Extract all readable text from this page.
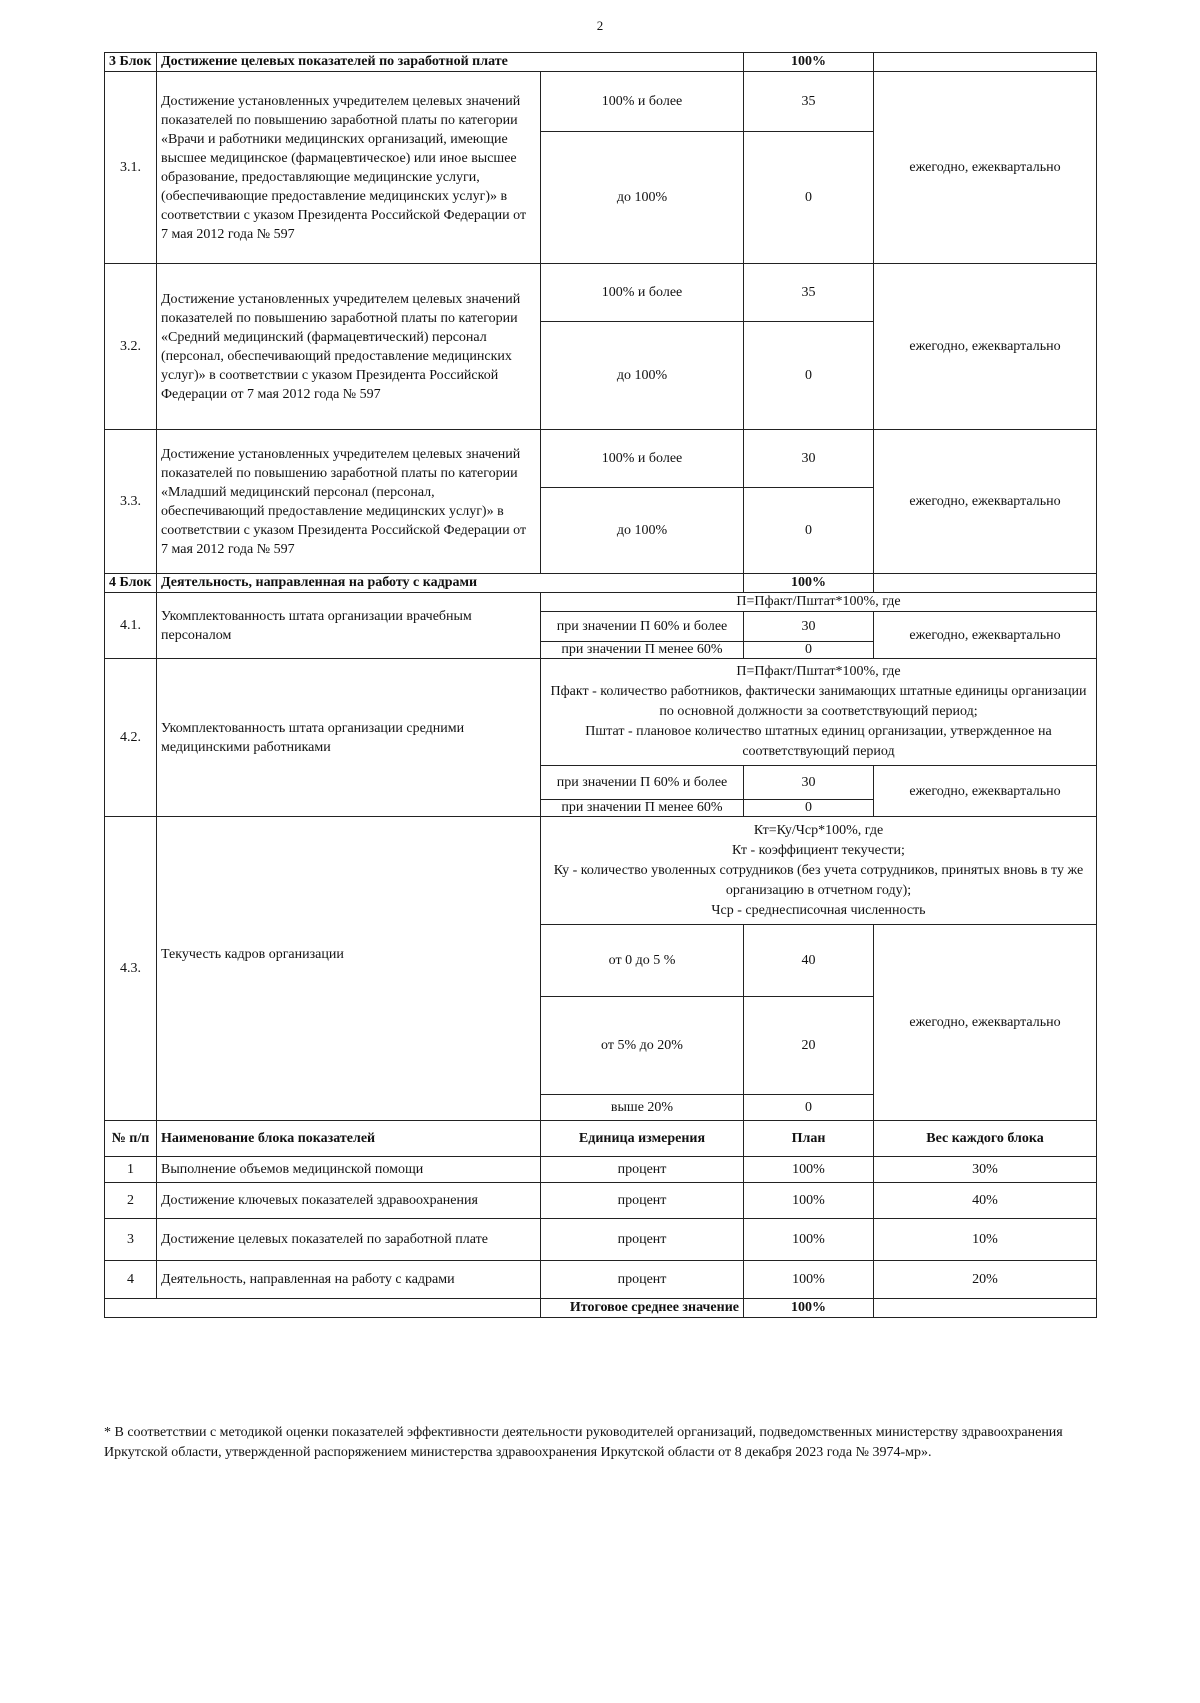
2
3 Блок	Достижение целевых показателей по заработной плате		100%	
3.1.	Достижение установленных учредителем целевых значений показателей по повышению заработной платы по категории «Врачи и работники медицинских организаций, имеющие высшее медицинское (фармацевтическое) или иное высшее образование, предоставляющие медицинские услуги, (обеспечивающие предоставление медицинских услуг)» в соответствии с указом Президента Российской Федерации от 7 мая 2012 года № 597	100% и более	35	ежегодно, ежеквартально
		до 100%	0	
3.2.	Достижение установленных учредителем целевых значений показателей по повышению заработной платы по категории «Средний медицинский (фармацевтический) персонал (персонал, обеспечивающий предоставление медицинских услуг)» в соответствии с указом Президента Российской Федерации от 7 мая 2012 года № 597	100% и более	35	ежегодно, ежеквартально
		до 100%	0	
3.3.	Достижение установленных учредителем целевых значений показателей по повышению заработной платы по категории «Младший медицинский персонал (персонал, обеспечивающий предоставление медицинских услуг)» в соответствии с указом Президента Российской Федерации от 7 мая 2012 года № 597	100% и более	30	ежегодно, ежеквартально
		до 100%	0	
4 Блок	Деятельность, направленная на работу с кадрами		100%	
4.1.	Укомплектованность штата организации врачебным персоналом	П=Пфакт/Пштат*100%, где		
		при значении П 60% и более	30	ежегодно, ежеквартально
		при значении П менее 60%	0	
4.2.	Укомплектованность штата организации средними медицинскими работниками	П=Пфакт/Пштат*100%, где
Пфакт - количество работников, фактически занимающих штатные единицы организации по основной должности за соответствующий период;
Пштат - плановое количество штатных единиц организации, утвержденное на соответствующий период		

		при значении П 60% и более	30	ежегодно, ежеквартально
		при значении П менее 60%	0	
4.3.	Текучесть кадров организации	Кт=Ку/Чср*100%, где
Кт - коэффициент текучести;
Ку - количество уволенных сотрудников (без учета сотрудников, принятых вновь в ту же организацию в отчетном году);
Чср - среднесписочная численность		

		от 0 до 5 %	40	ежегодно, ежеквартально
		от 5% до 20%	20	
		выше 20%	0	
№ п/п	Наименование блока показателей	Единица измерения	План	Вес каждого блока
1	Выполнение объемов медицинской помощи	процент	100%	30%
2	Достижение ключевых показателей здравоохранения	процент	100%	40%
3	Достижение целевых показателей по заработной плате	процент	100%	10%
4	Деятельность, направленная на работу с кадрами	процент	100%	20%
		Итоговое среднее значение	100%	
* В соответствии с методикой оценки показателей эффективности деятельности руководителей организаций, подведомственных министерству здравоохранения Иркутской области, утвержденной распоряжением министерства здравоохранения Иркутской области от 8 декабря 2023 года № 3974-мр».
